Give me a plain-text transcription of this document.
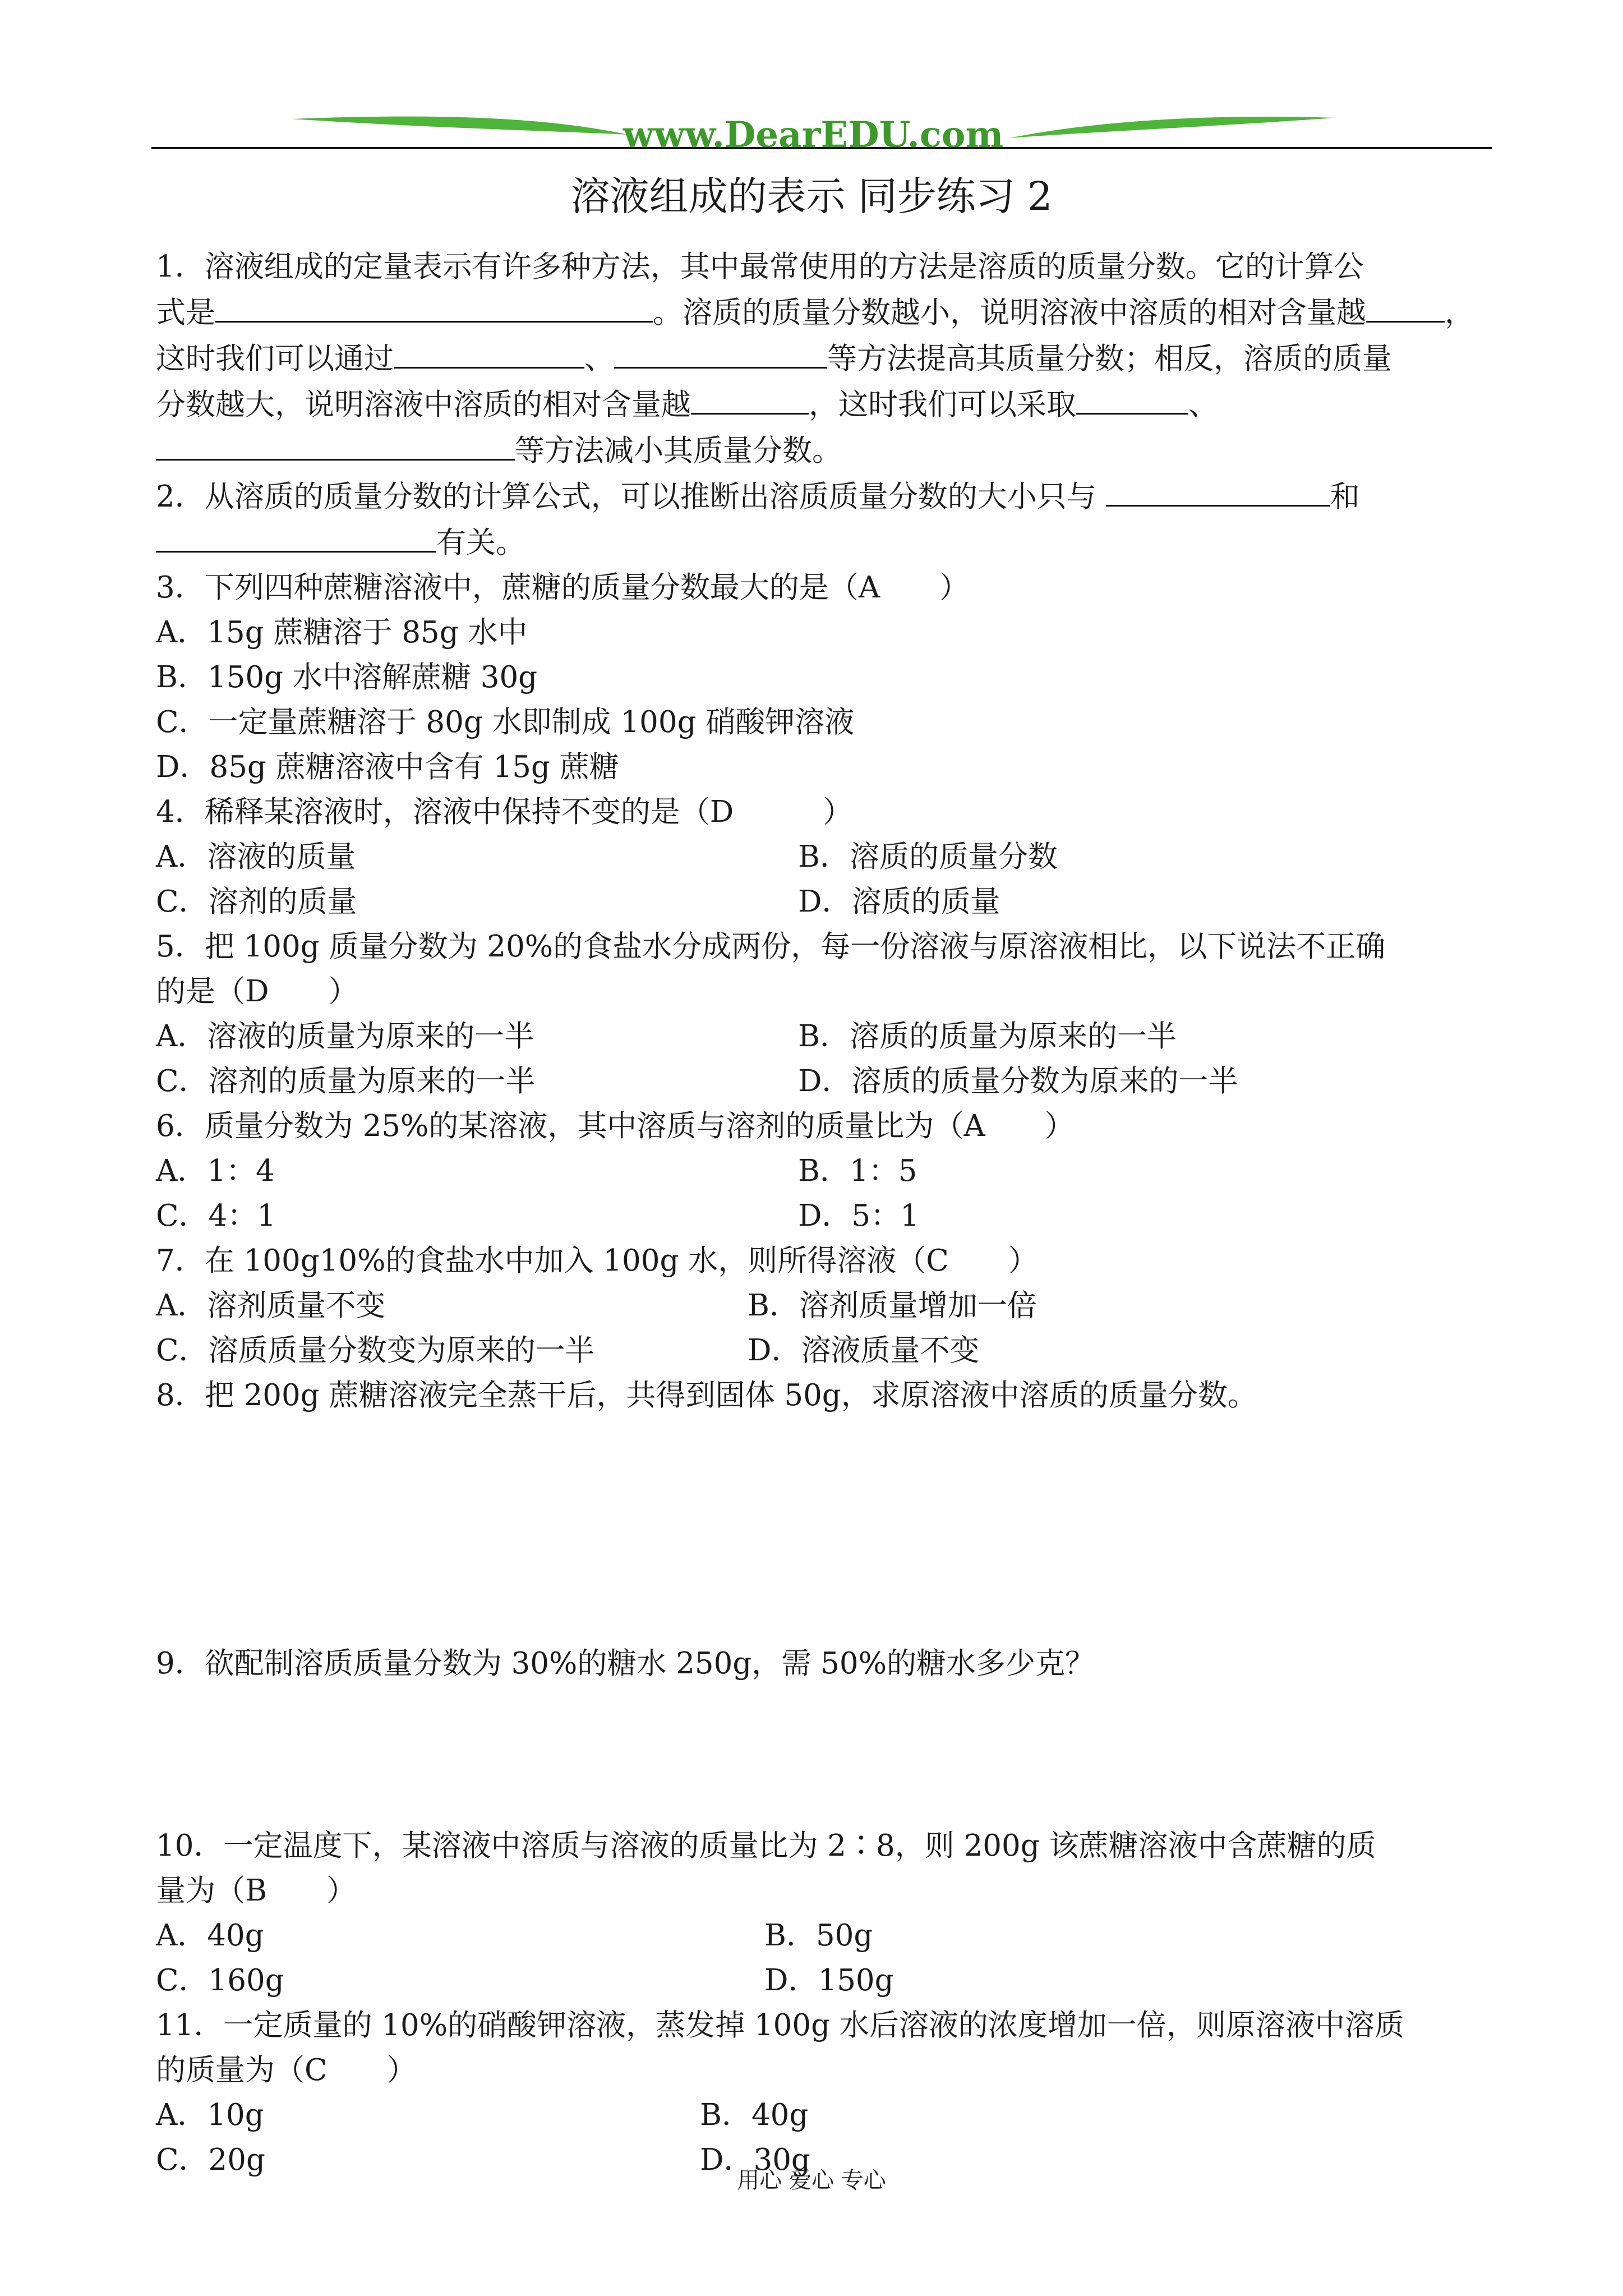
www.DearEDU.com
溶液组成的表示 同步练习 2

1．溶液组成的定量表示有许多种方法，其中最常使用的方法是溶质的质量分数。它的计算公

式是	。溶质的质量分数越小，说明溶液中溶质的相对含量越	，

这时我们可以通过	、	等方法提高其质量分数；相反，溶质的质量

分数越大，说明溶液中溶质的相对含量越	，这时我们可以采取	、

等方法减小其质量分数。

2．从溶质的质量分数的计算公式，可以推断出溶质质量分数的大小只与	和

有关。

3．下列四种蔗糖溶液中，蔗糖的质量分数最大的是（A　　）

A．15g 蔗糖溶于 85g 水中

B．150g 水中溶解蔗糖 30g

C．一定量蔗糖溶于 80g 水即制成 100g 硝酸钾溶液

D．85g 蔗糖溶液中含有 15g 蔗糖

4．稀释某溶液时，溶液中保持不变的是（D　　　）

A．溶液的质量	B．溶质的质量分数
C．溶剂的质量	D．溶质的质量

5．把 100g 质量分数为 20%的食盐水分成两份，每一份溶液与原溶液相比，以下说法不正确

的是（D　　）

A．溶液的质量为原来的一半	B．溶质的质量为原来的一半
C．溶剂的质量为原来的一半	D．溶质的质量分数为原来的一半

6．质量分数为 25%的某溶液，其中溶质与溶剂的质量比为（A　　）

A．1：4	B．1：5
C．4：1	D．5：1

7．在 100g10%的食盐水中加入 100g 水，则所得溶液（C　　）

A．溶剂质量不变	B．溶剂质量增加一倍
C．溶质质量分数变为原来的一半	D．溶液质量不变

8．把 200g 蔗糖溶液完全蒸干后，共得到固体 50g，求原溶液中溶质的质量分数。

9．欲配制溶质质量分数为 30%的糖水 250g，需 50%的糖水多少克？

10．一定温度下，某溶液中溶质与溶液的质量比为 2∶8，则 200g 该蔗糖溶液中含蔗糖的质

量为（B　　）

A．40g	B．50g
C．160g	D．150g

11．一定质量的 10%的硝酸钾溶液，蒸发掉 100g 水后溶液的浓度增加一倍，则原溶液中溶质

的质量为（C　　）

A．10g	B．40g
C．20g	D．30g
用心 爱心 专心
